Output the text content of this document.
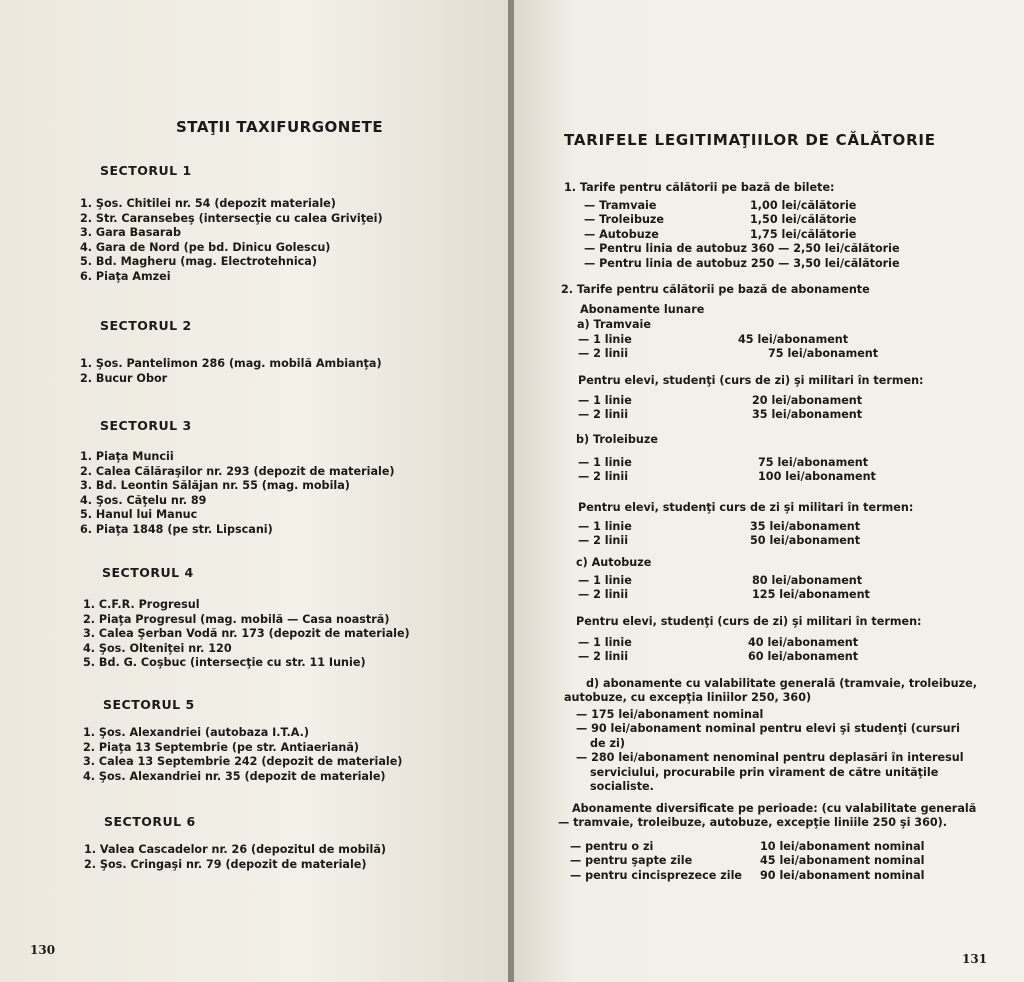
STAŢII TAXIFURGONETE
SECTORUL 1
1. Şos. Chitilei nr. 54 (depozit materiale)
2. Str. Caransebeş (intersecţie cu calea Griviţei)
3. Gara Basarab
4. Gara de Nord (pe bd. Dinicu Golescu)
5. Bd. Magheru (mag. Electrotehnica)
6. Piaţa Amzei
SECTORUL 2
1. Şos. Pantelimon 286 (mag. mobilă Ambianţa)
2. Bucur Obor
SECTORUL 3
1. Piaţa Muncii
2. Calea Călăraşilor nr. 293 (depozit de materiale)
3. Bd. Leontin Sălăjan nr. 55 (mag. mobila)
4. Şos. Căţelu nr. 89
5. Hanul lui Manuc
6. Piaţa 1848 (pe str. Lipscani)
SECTORUL 4
1. C.F.R. Progresul
2. Piaţa Progresul (mag. mobilă — Casa noastră)
3. Calea Şerban Vodă nr. 173 (depozit de materiale)
4. Şos. Olteniţei nr. 120
5. Bd. G. Coşbuc (intersecţie cu str. 11 Iunie)
SECTORUL 5
1. Şos. Alexandriei (autobaza I.T.A.)
2. Piaţa 13 Septembrie (pe str. Antiaeriană)
3. Calea 13 Septembrie 242 (depozit de materiale)
4. Şos. Alexandriei nr. 35 (depozit de materiale)
SECTORUL 6
1. Valea Cascadelor nr. 26 (depozitul de mobilă)
2. Şos. Cringaşi nr. 79 (depozit de materiale)
130
TARIFELE LEGITIMAŢIILOR DE CĂLĂTORIE
1. Tarife pentru călătorii pe bază de bilete:
— Tramvaie	1,00 lei/călătorie
— Troleibuze	1,50 lei/călătorie
— Autobuze	1,75 lei/călătorie
— Pentru linia de autobuz 360 — 2,50 lei/călătorie
— Pentru linia de autobuz 250 — 3,50 lei/călătorie
2. Tarife pentru călătorii pe bază de abonamente
Abonamente lunare
a) Tramvaie
— 1 linie	45 lei/abonament
— 2 linii	75 lei/abonament
Pentru elevi, studenţi (curs de zi) şi militari în termen:
— 1 linie	20 lei/abonament
— 2 linii	35 lei/abonament
b) Troleibuze
— 1 linie	75 lei/abonament
— 2 linii	100 lei/abonament
Pentru elevi, studenţi curs de zi şi militari în termen:
— 1 linie	35 lei/abonament
— 2 linii	50 lei/abonament
c) Autobuze
— 1 linie	80 lei/abonament
— 2 linii	125 lei/abonament
Pentru elevi, studenţi (curs de zi) şi militari în termen:
— 1 linie	40 lei/abonament
— 2 linii	60 lei/abonament
d) abonamente cu valabilitate generală (tramvaie, troleibuze,
autobuze, cu excepţia liniilor 250, 360)
— 175 lei/abonament nominal
— 90 lei/abonament nominal pentru elevi şi studenţi (cursuri
de zi)
— 280 lei/abonament nenominal pentru deplasări în interesul
serviciului, procurabile prin virament de către unităţile
socialiste.
Abonamente diversificate pe perioade: (cu valabilitate generală
— tramvaie, troleibuze, autobuze, excepţie liniile 250 şi 360).
— pentru o zi	10 lei/abonament nominal
— pentru şapte zile	45 lei/abonament nominal
— pentru cincisprezece zile	90 lei/abonament nominal
131
